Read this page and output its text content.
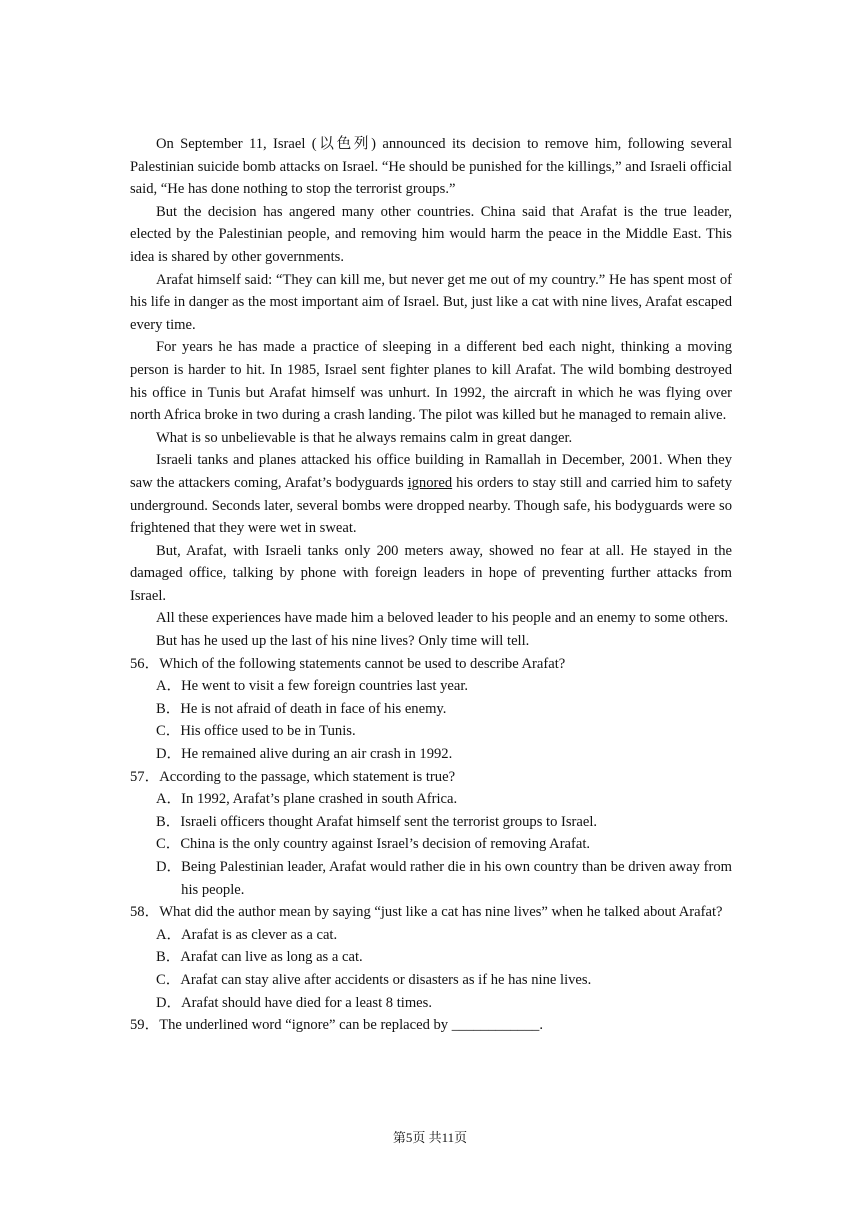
On September 11, Israel (以色列) announced its decision to remove him, following several Palestinian suicide bomb attacks on Israel. “He should be punished for the killings,” and Israeli official said, “He has done nothing to stop the terrorist groups.”

But the decision has angered many other countries. China said that Arafat is the true leader, elected by the Palestinian people, and removing him would harm the peace in the Middle East. This idea is shared by other governments.

Arafat himself said: “They can kill me, but never get me out of my country.” He has spent most of his life in danger as the most important aim of Israel. But, just like a cat with nine lives, Arafat escaped every time.

For years he has made a practice of sleeping in a different bed each night, thinking a moving person is harder to hit. In 1985, Israel sent fighter planes to kill Arafat. The wild bombing destroyed his office in Tunis but Arafat himself was unhurt. In 1992, the aircraft in which he was flying over north Africa broke in two during a crash landing. The pilot was killed but he managed to remain alive.

What is so unbelievable is that he always remains calm in great danger.

Israeli tanks and planes attacked his office building in Ramallah in December, 2001. When they saw the attackers coming, Arafat’s bodyguards ignored his orders to stay still and carried him to safety underground. Seconds later, several bombs were dropped nearby. Though safe, his bodyguards were so frightened that they were wet in sweat.

But, Arafat, with Israeli tanks only 200 meters away, showed no fear at all. He stayed in the damaged office, talking by phone with foreign leaders in hope of preventing further attacks from Israel.

All these experiences have made him a beloved leader to his people and an enemy to some others.

But has he used up the last of his nine lives? Only time will tell.

56． Which of the following statements cannot be used to describe Arafat?
A． He went to visit a few foreign countries last year.
B． He is not afraid of death in face of his enemy.
C． His office used to be in Tunis.
D． He remained alive during an air crash in 1992.
57． According to the passage, which statement is true?
A． In 1992, Arafat’s plane crashed in south Africa.
B． Israeli officers thought Arafat himself sent the terrorist groups to Israel.
C． China is the only country against Israel’s decision of removing Arafat.
D． Being Palestinian leader, Arafat would rather die in his own country than be driven away from his people.
58． What did the author mean by saying “just like a cat has nine lives” when he talked about Arafat?
A． Arafat is as clever as a cat.
B． Arafat can live as long as a cat.
C． Arafat can stay alive after accidents or disasters as if he has nine lives.
D． Arafat should have died for a least 8 times.
59． The underlined word “ignore” can be replaced by ____________.
第5页 共11页
